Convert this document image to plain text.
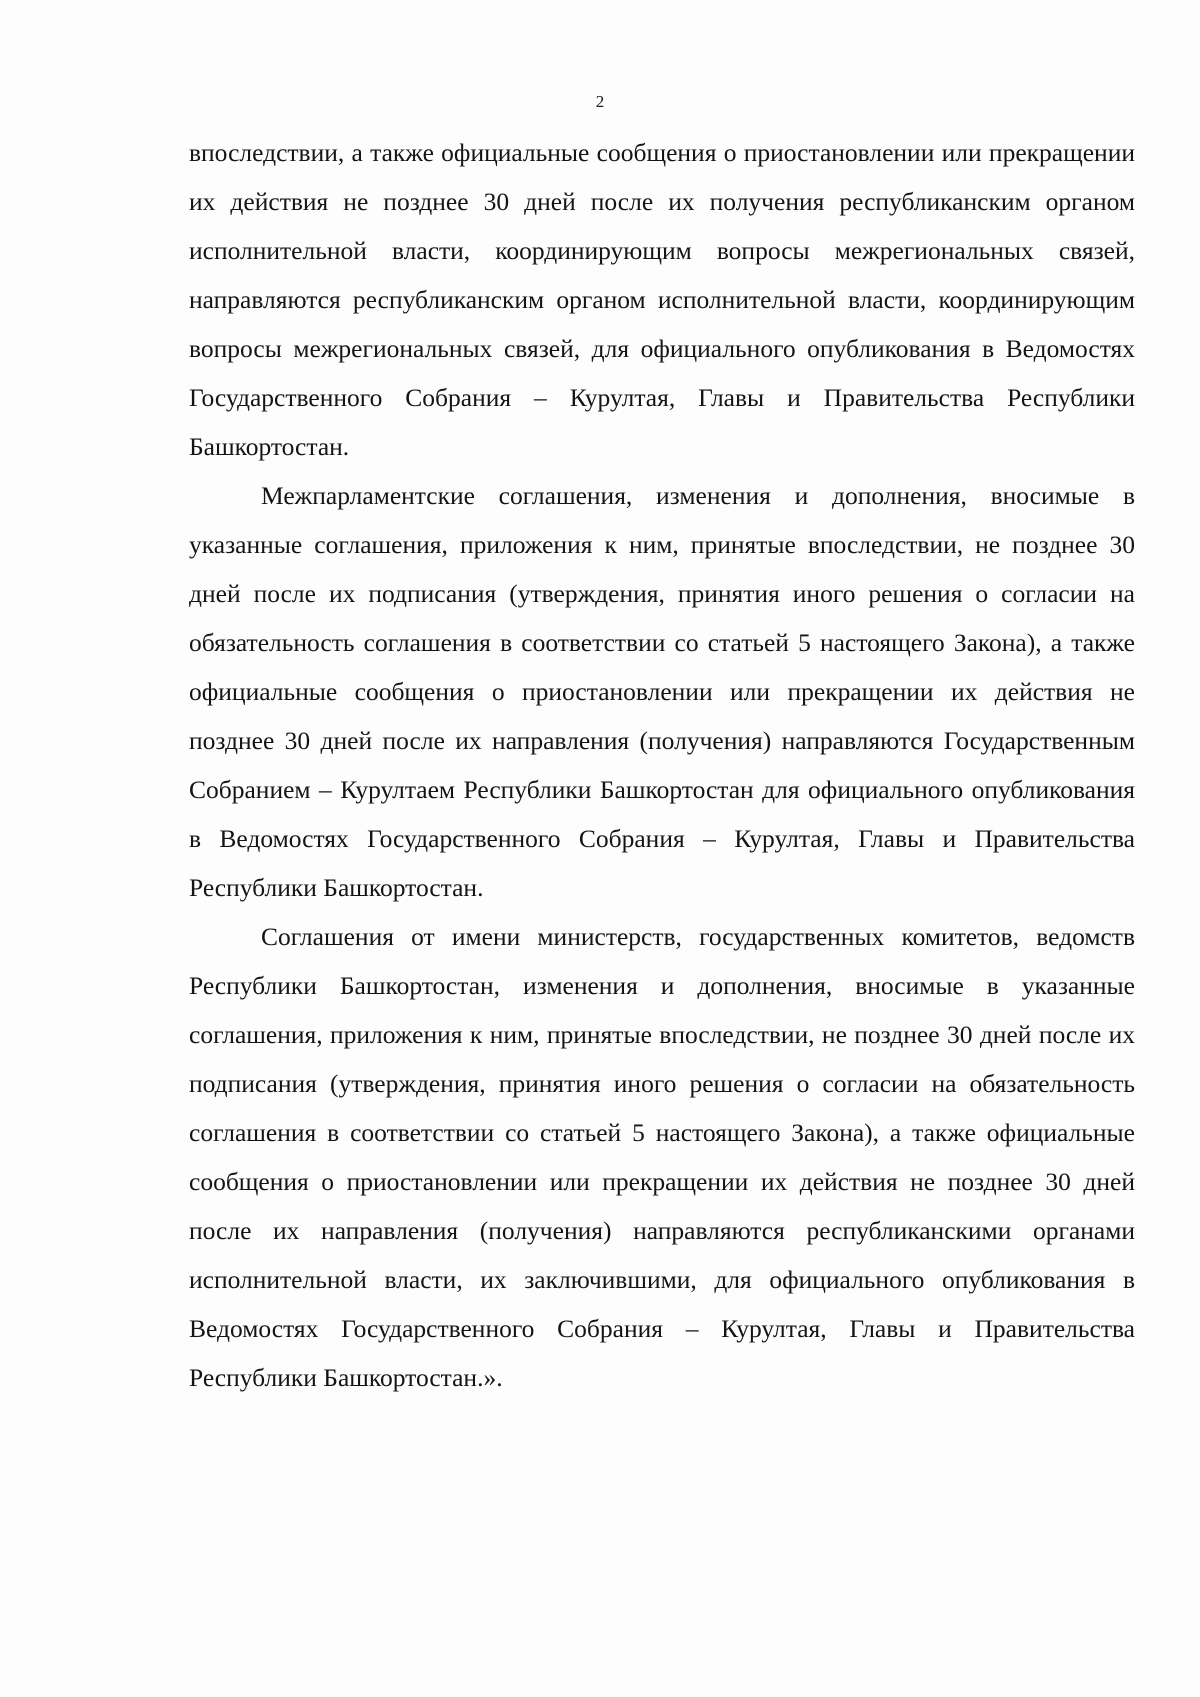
2

впоследствии, а также официальные сообщения о приостановлении или прекращении их действия не позднее 30 дней после их получения республиканским органом исполнительной власти, координирующим вопросы межрегиональных связей, направляются республиканским органом исполнительной власти, координирующим вопросы межрегиональных связей, для официального опубликования в Ведомостях Государственного Собрания – Курултая, Главы и Правительства Республики Башкортостан.

Межпарламентские соглашения, изменения и дополнения, вносимые в указанные соглашения, приложения к ним, принятые впоследствии, не позднее 30 дней после их подписания (утверждения, принятия иного решения о согласии на обязательность соглашения в соответствии со статьей 5 настоящего Закона), а также официальные сообщения о приостановлении или прекращении их действия не позднее 30 дней после их направления (получения) направляются Государственным Собранием – Курултаем Республики Башкортостан для официального опубликования в Ведомостях Государственного Собрания – Курултая, Главы и Правительства Республики Башкортостан.

Соглашения от имени министерств, государственных комитетов, ведомств Республики Башкортостан, изменения и дополнения, вносимые в указанные соглашения, приложения к ним, принятые впоследствии, не позднее 30 дней после их подписания (утверждения, принятия иного решения о согласии на обязательность соглашения в соответствии со статьей 5 настоящего Закона), а также официальные сообщения о приостановлении или прекращении их действия не позднее 30 дней после их направления (получения) направляются республиканскими органами исполнительной власти, их заключившими, для официального опубликования в Ведомостях Государственного Собрания – Курултая, Главы и Правительства Республики Башкортостан.».
